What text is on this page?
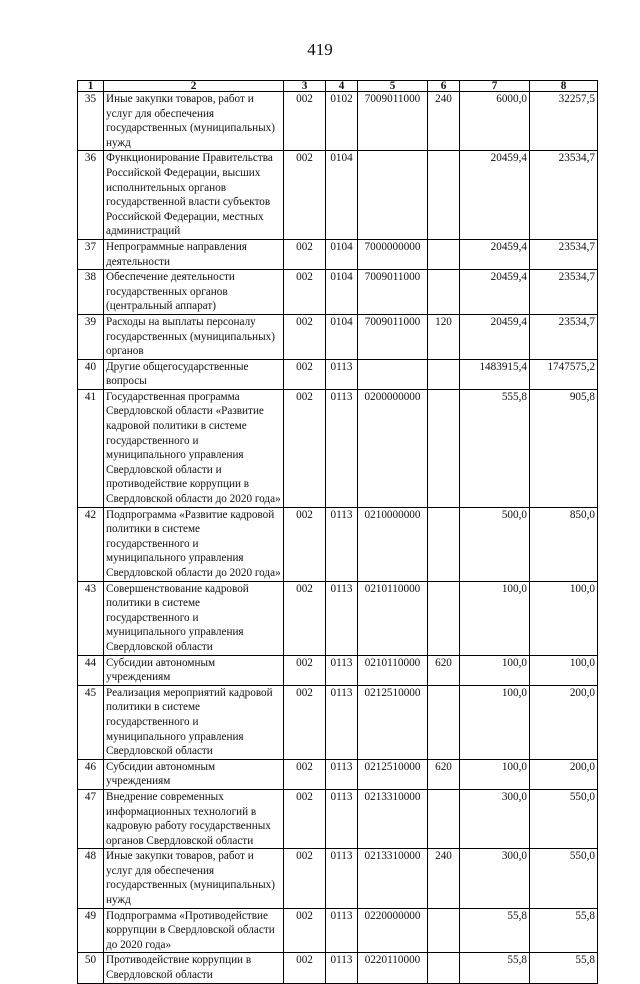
419
1	2	3	4	5	6	7	8
35	Иные закупки товаров, работ и услуг для обеспечения государственных (муниципальных) нужд	002	0102	7009011000	240	6000,0	32257,5
36	Функционирование Правительства Российской Федерации, высших исполнительных органов государственной власти субъектов Российской Федерации, местных администраций	002	0104			20459,4	23534,7
37	Непрограммные направления деятельности	002	0104	7000000000		20459,4	23534,7
38	Обеспечение деятельности государственных органов (центральный аппарат)	002	0104	7009011000		20459,4	23534,7
39	Расходы на выплаты персоналу государственных (муниципальных) органов	002	0104	7009011000	120	20459,4	23534,7
40	Другие общегосударственные вопросы	002	0113			1483915,4	1747575,2
41	Государственная программа Свердловской области «Развитие кадровой политики в системе государственного и муниципального управления Свердловской области и противодействие коррупции в Свердловской области до 2020 года»	002	0113	0200000000		555,8	905,8
42	Подпрограмма «Развитие кадровой политики в системе государственного и муниципального управления Свердловской области до 2020 года»	002	0113	0210000000		500,0	850,0
43	Совершенствование кадровой политики в системе государственного и муниципального управления Свердловской области	002	0113	0210110000		100,0	100,0
44	Субсидии автономным учреждениям	002	0113	0210110000	620	100,0	100,0
45	Реализация мероприятий кадровой политики в системе государственного и муниципального управления Свердловской области	002	0113	0212510000		100,0	200,0
46	Субсидии автономным учреждениям	002	0113	0212510000	620	100,0	200,0
47	Внедрение современных информационных технологий в кадровую работу государственных органов Свердловской области	002	0113	0213310000		300,0	550,0
48	Иные закупки товаров, работ и услуг для обеспечения государственных (муниципальных) нужд	002	0113	0213310000	240	300,0	550,0
49	Подпрограмма «Противодействие коррупции в Свердловской области до 2020 года»	002	0113	0220000000		55,8	55,8
50	Противодействие коррупции в Свердловской области	002	0113	0220110000		55,8	55,8
